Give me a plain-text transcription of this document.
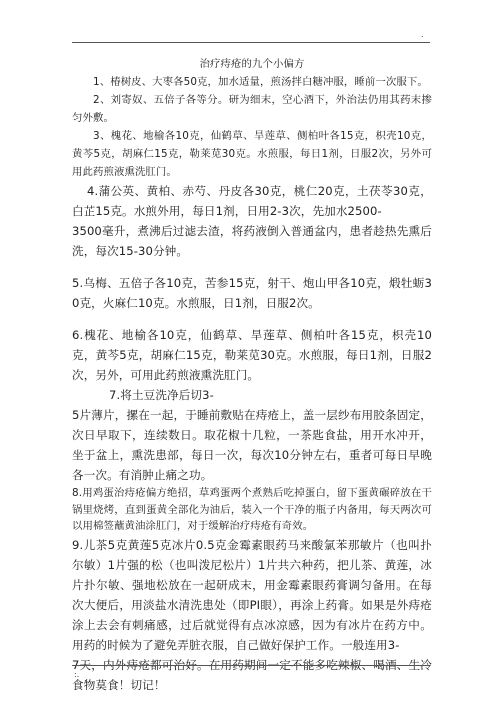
.

治疗痔疮的九个小偏方

1、椿树皮、大枣各50克，加水适量，煎汤拌白糖冲服，睡前一次服下。

2、刘寄奴、五倍子各等分。研为细末，空心酒下，外治法仍用其药末掺匀外敷。

3、槐花、地榆各10克，仙鹤草、旱莲草、侧柏叶各15克，枳壳10克，黄芩5克，胡麻仁15克，勒莱苋30克。水煎服，每日1剂，日服2次，另外可用此药煎液熏洗肛门。

4.蒲公英、黄柏、赤芍、丹皮各30克，桃仁20克，土茯苓30克，白芷15克。水煎外用，每日1剂，日用2-3次，先加水2500-

3500毫升，煮沸后过滤去渣，将药液倒入普通盆内，患者趁热先熏后洗，每次15-30分钟。

5.乌梅、五倍子各10克，苦参15克，射干、炮山甲各10克，煅牡蛎30克，火麻仁10克。水煎服，日1剂，日服2次。

6.槐花、地榆各10克，仙鹤草、旱莲草、侧柏叶各15克，枳壳10克，黄芩5克，胡麻仁15克，勒莱苋30克。水煎服，每日1剂，日服2次，另外，可用此药煎液熏洗肛门。

7.将土豆洗净后切3-

5片薄片，摞在一起，于睡前敷贴在痔疮上，盖一层纱布用胶条固定，次日早取下，连续数日。取花椒十几粒，一茶匙食盐，用开水冲开，坐于盆上，熏洗患部，每日一次，每次10分钟左右，重者可每日早晚各一次。有消肿止痛之功。

8.用鸡蛋治痔疮偏方绝招，草鸡蛋两个煮熟后吃掉蛋白，留下蛋黄碾碎放在干锅里烧烤，直到蛋黄全部化为油后，装入一个干净的瓶子内备用，每天两次可以用棉签蘸黄油涂肛门，对于缓解治疗痔疮有奇效。

9.儿茶5克黄莲5克冰片0.5克金霉素眼药马来酸氯苯那敏片（也叫扑尔敏）1片强的松（也叫泼尼松片）1片共六种药，把儿茶、黄莲，冰片扑尔敏、强地松放在一起研成末，用金霉素眼药膏调匀备用。在每次大便后，用淡盐水清洗患处（即PI眼），再涂上药膏。如果是外痔疮涂上去会有刺痛感，过后就觉得有点冰凉感，因为有冰片在药方中。用药的时候为了避免弄脏衣服，自己做好保护工作。一般连用3-

7天，内外痔疮都可治好。在用药期间一定不能多吃辣椒、喝酒、生冷食物莫食！切记！

:.
